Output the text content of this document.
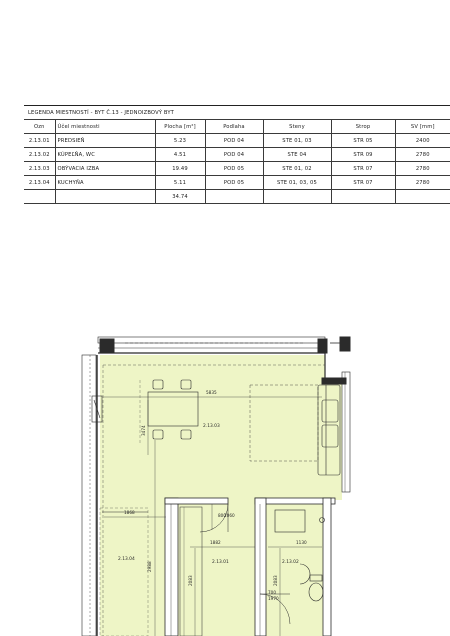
LEGENDA MIESTNOSTÍ - BYT Č.13 - JEDNOIZBOVÝ BYT						
Ozn	Účel miestnosti	Plocha [m²]	Podlaha	Steny	Strop	SV [mm]
2.13.01	PREDSIEŇ	5.23	POD 04	STE 01, 03	STR 05	2400
2.13.02	KÚPEĽŇA, WC	4.51	POD 04	STE 04	STR 09	2780
2.13.03	OBÝVACIA IZBA	19.49	POD 05	STE 01, 02	STR 07	2780
2.13.04	KUCHYŇA	5.11	POD 05	STE 01, 03, 05	STR 07	2780
		34.74				
2.13.03
2.13.04
2.13.01	2.13.02
5835
1868
1882	1130
800
2060
700
1970
2988
2083	2083
3474
